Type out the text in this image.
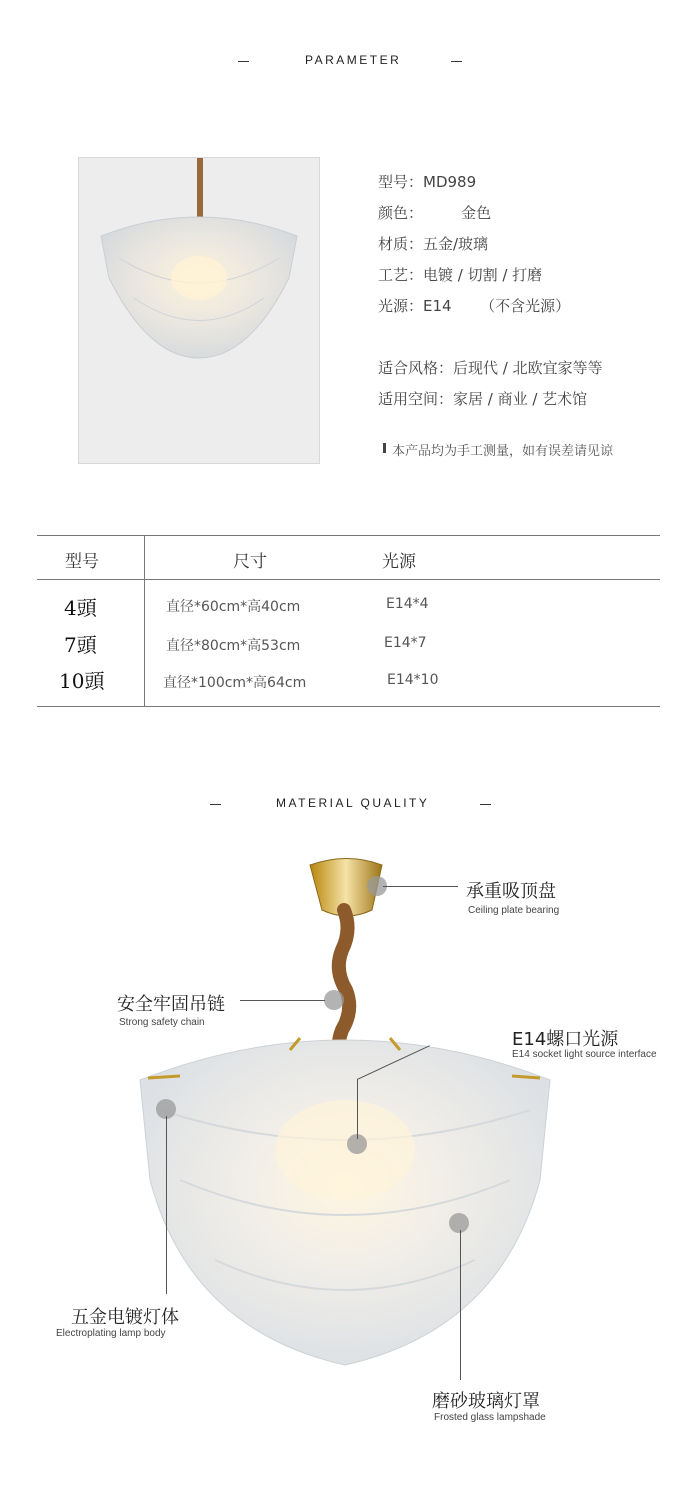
PARAMETER
型号：MD989
颜色：        金色
材质：五金/玻璃
工艺：电镀 / 切割 / 打磨
光源：E14      （不含光源）
适合风格：后现代 / 北欧宜家等等
适用空间：家居 / 商业 / 艺术馆
本产品均为手工测量，如有误差请见谅
型号	尺寸	光源
4頭	直径*60cm*高40cm	E14*4
7頭	直径*80cm*高53cm	E14*7
10頭	直径*100cm*高64cm	E14*10
MATERIAL QUALITY
承重吸顶盘
Ceiling plate bearing
安全牢固吊链
Strong safety chain
E14螺口光源
E14 socket light source interface
五金电镀灯体
Electroplating lamp body
磨砂玻璃灯罩
Frosted glass lampshade
